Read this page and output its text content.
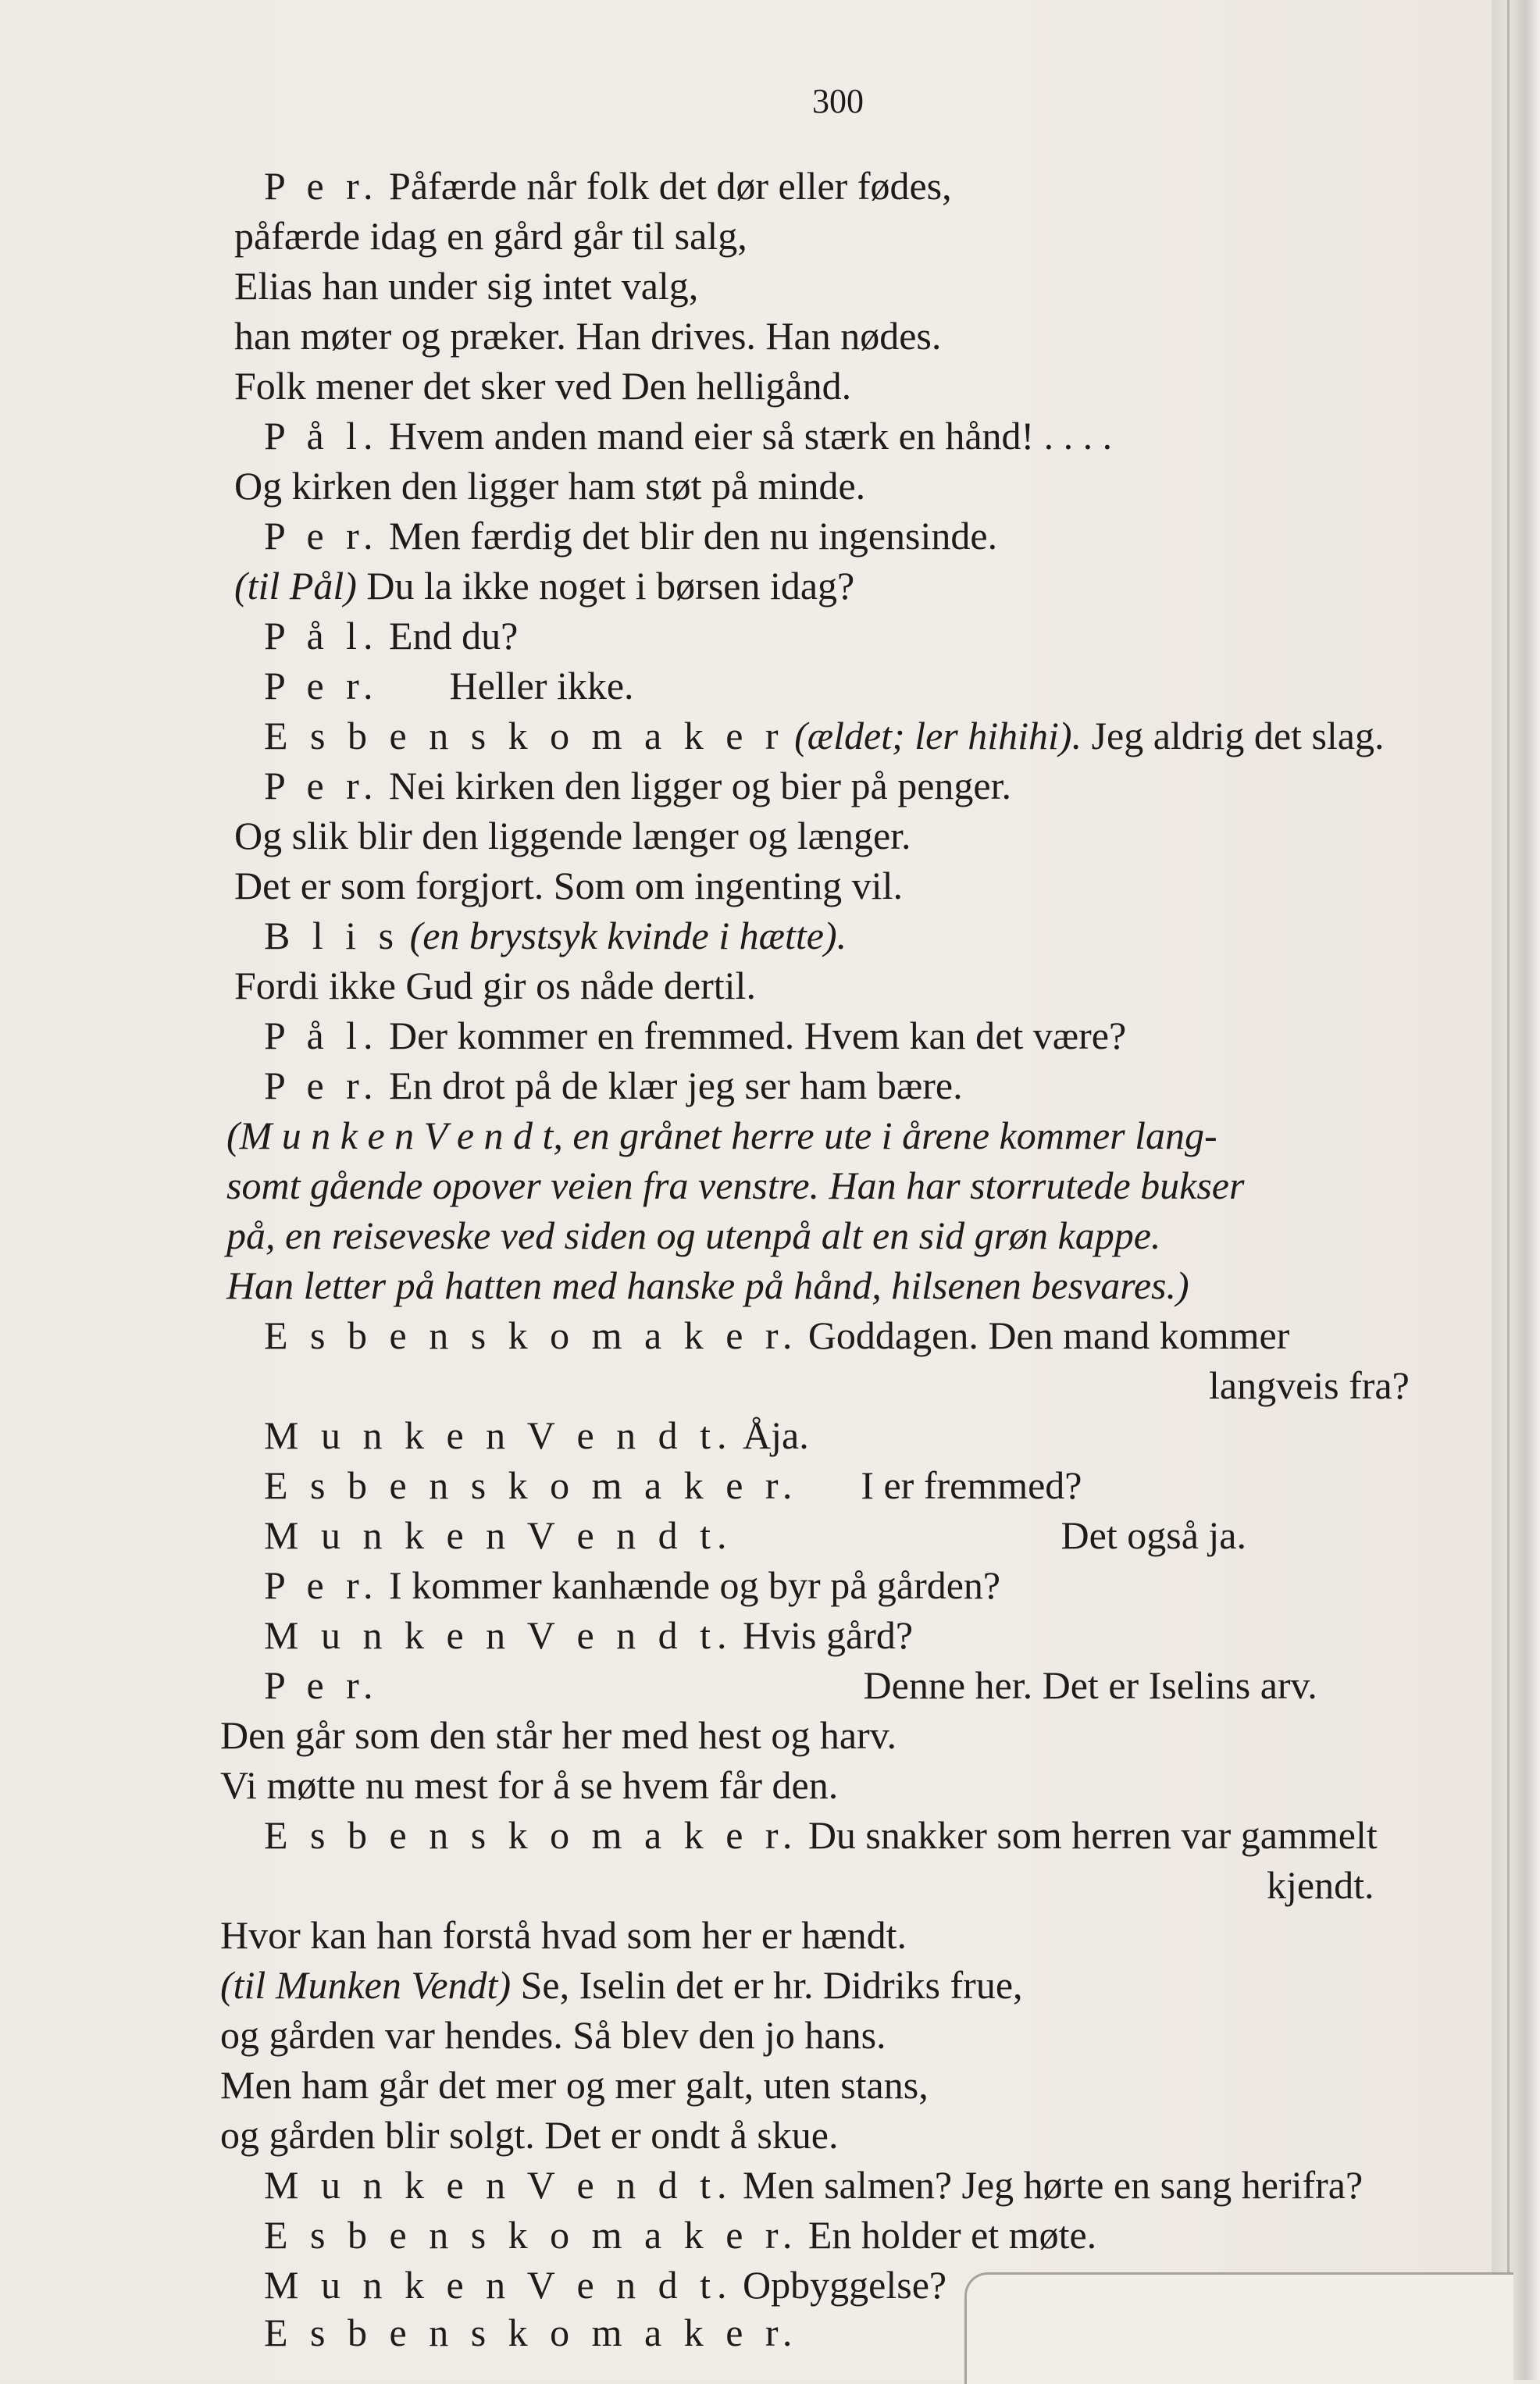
300
P e r. Påfærde når folk det dør eller fødes,
påfærde idag en gård går til salg,
Elias han under sig intet valg,
han møter og præker. Han drives. Han nødes.
Folk mener det sker ved Den helligånd.
P å l. Hvem anden mand eier så stærk en hånd! . . . .
Og kirken den ligger ham støt på minde.
P e r. Men færdig det blir den nu ingensinde.
(til Pål) Du la ikke noget i børsen idag?
P å l. End du?
P e r. Heller ikke.
E s b e n s k o m a k e r (ældet; ler hihihi). Jeg aldrig det slag.
P e r. Nei kirken den ligger og bier på penger.
Og slik blir den liggende længer og længer.
Det er som forgjort. Som om ingenting vil.
B l i s (en brystsyk kvinde i hætte).
Fordi ikke Gud gir os nåde dertil.
P å l. Der kommer en fremmed. Hvem kan det være?
P e r. En drot på de klær jeg ser ham bære.
(M u n k e n V e n d t, en grånet herre ute i årene kommer lang-
somt gående opover veien fra venstre. Han har storrutede bukser
på, en reiseveske ved siden og utenpå alt en sid grøn kappe.
Han letter på hatten med hanske på hånd, hilsenen besvares.)
E s b e n s k o m a k e r. Goddagen. Den mand kommer
langveis fra?
M u n k e n V e n d t. Åja.
E s b e n s k o m a k e r. I er fremmed?
M u n k e n V e n d t.	Det også ja.
P e r. I kommer kanhænde og byr på gården?
M u n k e n V e n d t. Hvis gård?
P e r.	Denne her. Det er Iselins arv.
Den går som den står her med hest og harv.
Vi møtte nu mest for å se hvem får den.
E s b e n s k o m a k e r. Du snakker som herren var gammelt
kjendt.
Hvor kan han forstå hvad som her er hændt.
(til Munken Vendt) Se, Iselin det er hr. Didriks frue,
og gården var hendes. Så blev den jo hans.
Men ham går det mer og mer galt, uten stans,
og gården blir solgt. Det er ondt å skue.
M u n k e n V e n d t. Men salmen? Jeg hørte en sang herifra?
E s b e n s k o m a k e r. En holder et møte.
M u n k e n V e n d t. Opbyggelse?
E s b e n s k o m a k e r.
